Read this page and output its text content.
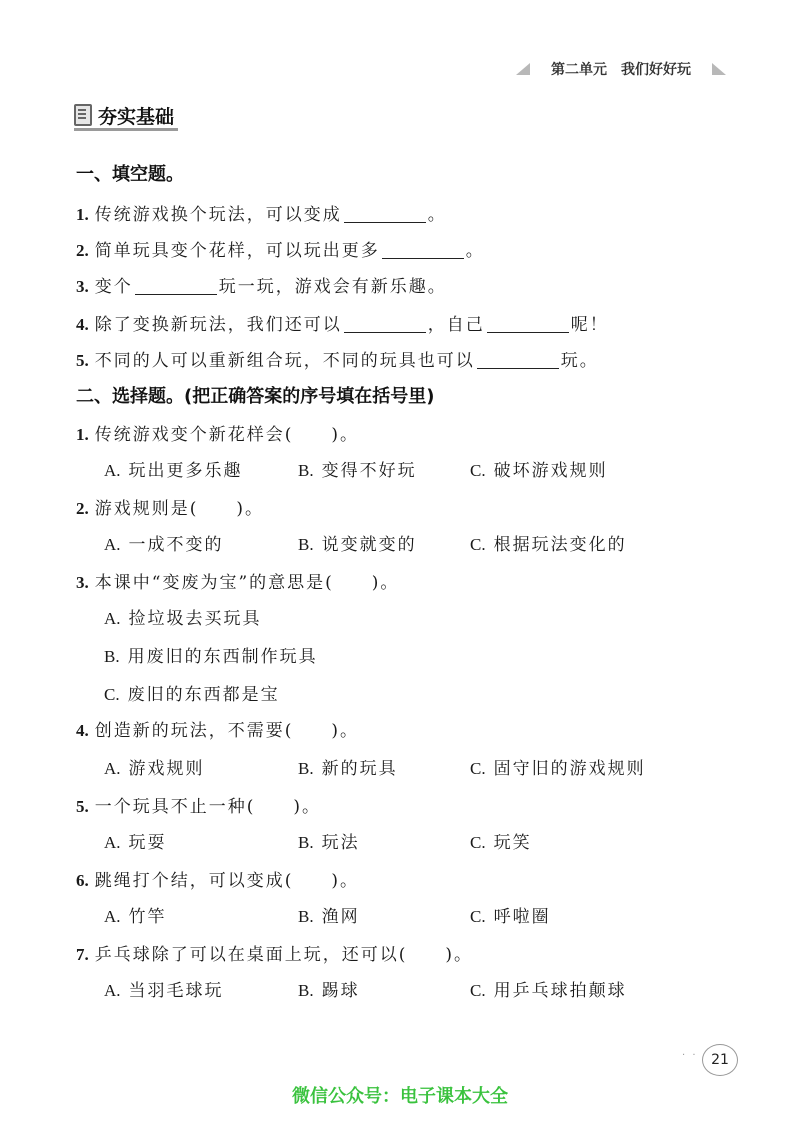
第二单元 我们好好玩
夯实基础
一、填空题。
1. 传统游戏换个玩法，可以变成	。
2. 简单玩具变个花样，可以玩出更多	。
3. 变个	玩一玩，游戏会有新乐趣。
4. 除了变换新玩法，我们还可以	，自己	呢！
5. 不同的人可以重新组合玩，不同的玩具也可以	玩。
二、选择题。(把正确答案的序号填在括号里)
1. 传统游戏变个新花样会(　　)。
A. 玩出更多乐趣	B. 变得不好玩	C. 破坏游戏规则
2. 游戏规则是(　　)。
A. 一成不变的	B. 说变就变的	C. 根据玩法变化的
3. 本课中“变废为宝”的意思是(　　)。
A. 捡垃圾去买玩具
B. 用废旧的东西制作玩具
C. 废旧的东西都是宝
4. 创造新的玩法，不需要(　　)。
A. 游戏规则	B. 新的玩具	C. 固守旧的游戏规则
5. 一个玩具不止一种(　　)。
A. 玩耍	B. 玩法	C. 玩笑
6. 跳绳打个结，可以变成(　　)。
A. 竹竿	B. 渔网	C. 呼啦圈
7. 乒乓球除了可以在桌面上玩，还可以(　　)。
A. 当羽毛球玩	B. 踢球	C. 用乒乓球拍颠球
· · 21
微信公众号：电子课本大全
